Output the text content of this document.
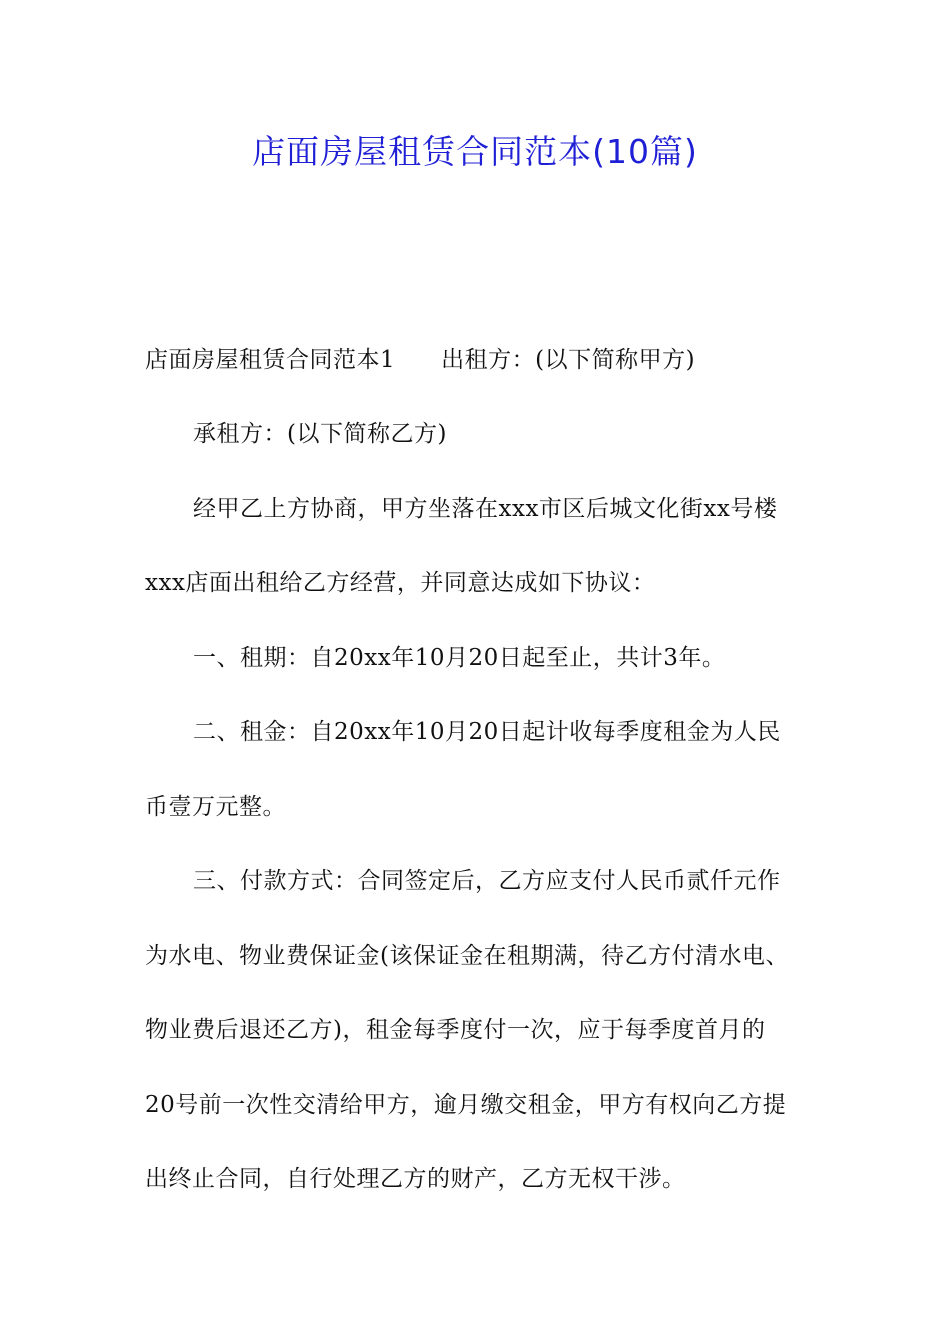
店面房屋租赁合同范本(10篇)
店面房屋租赁合同范本1 出租方：(以下简称甲方)
承租方：(以下简称乙方)
经甲乙上方协商，甲方坐落在xxx市区后城文化街xx号楼
xxx店面出租给乙方经营，并同意达成如下协议：
一、租期：自20xx年10月20日起至止，共计3年。
二、租金：自20xx年10月20日起计收每季度租金为人民
币壹万元整。
三、付款方式：合同签定后，乙方应支付人民币贰仟元作
为水电、物业费保证金(该保证金在租期满，待乙方付清水电、
物业费后退还乙方)，租金每季度付一次，应于每季度首月的
20号前一次性交清给甲方，逾月缴交租金，甲方有权向乙方提
出终止合同，自行处理乙方的财产，乙方无权干涉。
